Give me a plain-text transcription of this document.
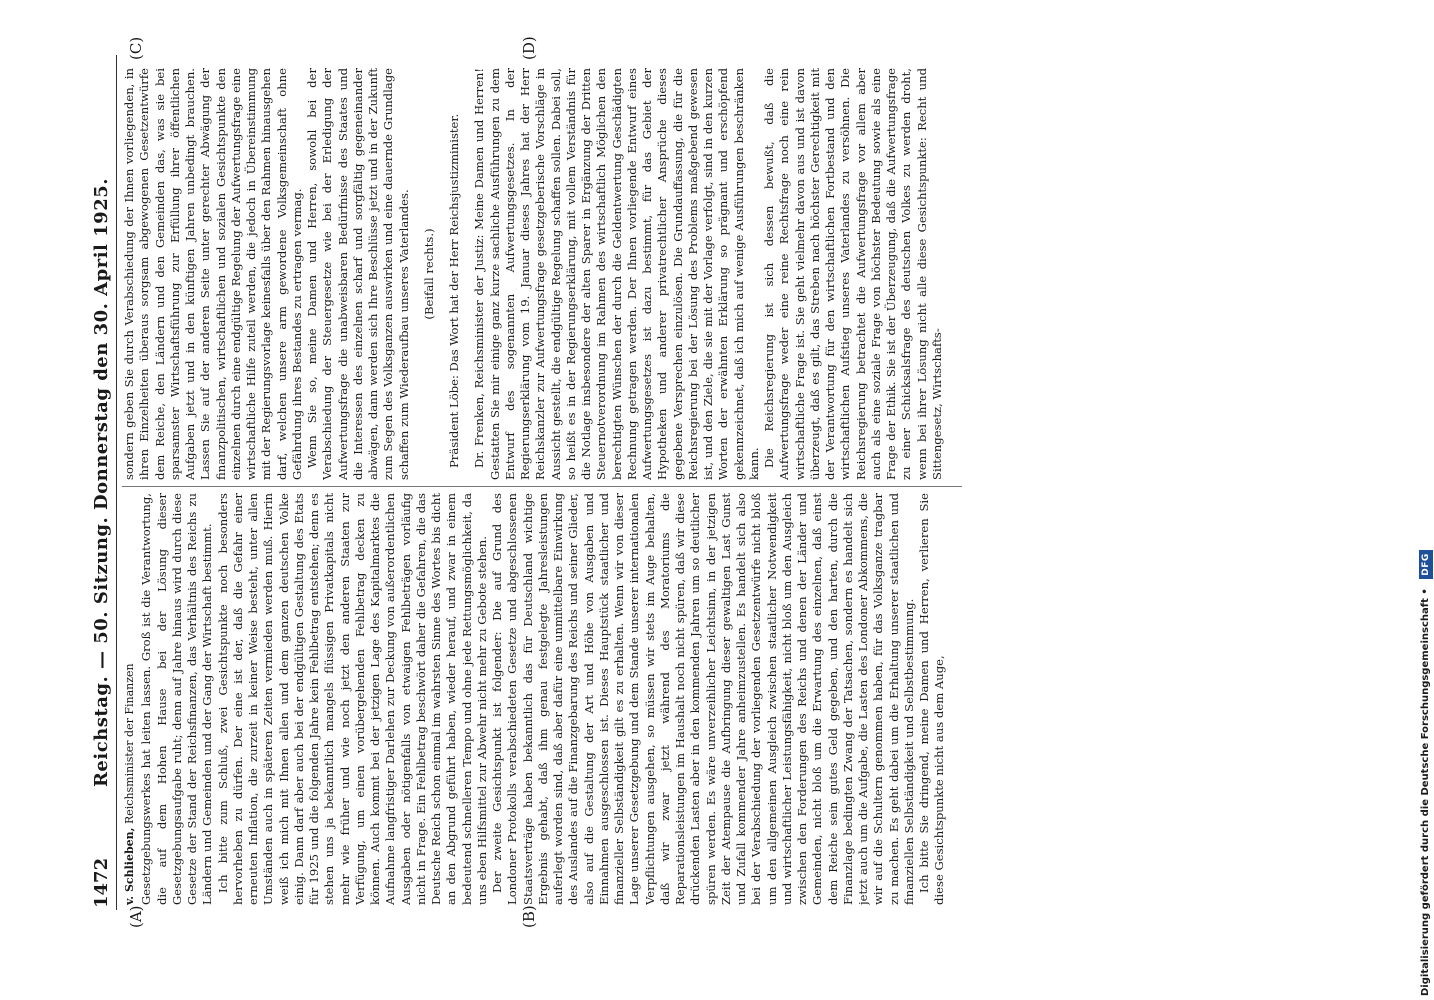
1472
Reichstag. — 50. Sitzung. Donnerstag den 30. April 1925.
(A)	(B)
(C)	(D)
v. Schlieben, Reichsminister der Finanzen Gesetzgebungswerkes hat leiten lassen. Groß ist die Verantwortung, die auf dem Hohen Hause bei der Lösung dieser Gesetzgebungsaufgabe ruht; denn auf Jahre hinaus wird durch diese Gesetze der Stand der Reichsfinanzen, das Verhältnis des Reichs zu Ländern und Gemeinden und der Gang der Wirtschaft bestimmt. Ich bitte zum Schluß, zwei Gesichtspunkte noch besonders hervorheben zu dürfen. Der eine ist der, daß die Gefahr einer erneuten Inflation, die zurzeit in keiner Weise besteht, unter allen Umständen auch in späteren Zeiten vermieden werden muß. Hierin weiß ich mich mit Ihnen allen und dem ganzen deutschen Volke einig. Dann darf aber auch bei der endgültigen Gestaltung des Etats für 1925 und die folgenden Jahre kein Fehlbetrag entstehen; denn es stehen uns ja bekanntlich mangels flüssigen Privatkapitals nicht mehr wie früher und wie noch jetzt den anderen Staaten zur Verfügung, um einen vorübergehenden Fehlbetrag decken zu können. Auch kommt bei der jetzigen Lage des Kapitalmarktes die Aufnahme langfristiger Darlehen zur Deckung von außerordentlichen Ausgaben oder nötigenfalls von etwaigen Fehlbeträgen vorläufig nicht in Frage. Ein Fehlbetrag beschwört daher die Gefahren, die das Deutsche Reich schon einmal im wahrsten Sinne des Wortes bis dicht an den Abgrund geführt haben, wieder herauf, und zwar in einem bedeutend schnelleren Tempo und ohne jede Rettungsmöglichkeit, da uns eben Hilfsmittel zur Abwehr nicht mehr zu Gebote stehen. Der zweite Gesichtspunkt ist folgender: Die auf Grund des Londoner Protokolls verabschiedeten Gesetze und abgeschlossenen Staatsverträge haben bekanntlich das für Deutschland wichtige Ergebnis gehabt, daß ihm genau festgelegte Jahresleistungen auferlegt worden sind, daß aber dafür eine unmittelbare Einwirkung des Auslandes auf die Finanzgebarung des Reichs und seiner Glieder, also auf die Gestaltung der Art und Höhe von Ausgaben und Einnahmen ausgeschlossen ist. Dieses Hauptstück staatlicher und finanzieller Selbständigkeit gilt es zu erhalten. Wenn wir von dieser Lage unserer Gesetzgebung und dem Stande unserer internationalen Verpflichtungen ausgehen, so müssen wir stets im Auge behalten, daß wir zwar jetzt während des Moratoriums die Reparationsleistungen im Haushalt noch nicht spüren, daß wir diese drückenden Lasten aber in den kommenden Jahren um so deutlicher spüren werden. Es wäre unverzeihlicher Leichtsinn, in der jetzigen Zeit der Atempause die Aufbringung dieser gewaltigen Last Gunst und Zufall kommender Jahre anheimzustellen. Es handelt sich also bei der Verabschiedung der vorliegenden Gesetzentwürfe nicht bloß um den allgemeinen Ausgleich zwischen staatlicher Notwendigkeit und wirtschaftlicher Leistungsfähigkeit, nicht bloß um den Ausgleich zwischen den Forderungen des Reichs und denen der Länder und Gemeinden, nicht bloß um die Erwartung des einzelnen, daß einst dem Reiche sein gutes Geld gegeben, und den harten, durch die Finanzlage bedingten Zwang der Tatsachen, sondern es handelt sich jetzt auch um die Aufgabe, die Lasten des Londoner Abkommens, die wir auf die Schultern genommen haben, für das Volksganze tragbar zu machen. Es geht dabei um die Erhaltung unserer staatlichen und finanziellen Selbständigkeit und Selbstbestimmung. Ich bitte Sie dringend, meine Damen und Herren, verlieren Sie diese Gesichtspunkte nicht aus dem Auge,

sondern geben Sie durch Verabschiedung der Ihnen vorliegenden, in ihren Einzelheiten überaus sorgsam abgewogenen Gesetzentwürfe dem Reiche, den Ländern und den Gemeinden das, was sie bei sparsamster Wirtschaftsführung zur Erfüllung ihrer öffentlichen Aufgaben jetzt und in den künftigen Jahren unbedingt brauchen. Lassen Sie auf der anderen Seite unter gerechter Abwägung der finanzpolitischen, wirtschaftlichen und sozialen Gesichtspunkte den einzelnen durch eine endgültige Regelung der Aufwertungsfrage eine wirtschaftliche Hilfe zuteil werden, die jedoch in Übereinstimmung mit der Regierungsvorlage keinesfalls über den Rahmen hinausgehen darf, welchen unsere arm gewordene Volksgemeinschaft ohne Gefährdung ihres Bestandes zu ertragen vermag. Wenn Sie so, meine Damen und Herren, sowohl bei der Verabschiedung der Steuergesetze wie bei der Erledigung der Aufwertungsfrage die unabweisbaren Bedürfnisse des Staates und die Interessen des einzelnen scharf und sorgfältig gegeneinander abwägen, dann werden sich Ihre Beschlüsse jetzt und in der Zukunft zum Segen des Volksganzen auswirken und eine dauernde Grundlage schaffen zum Wiederaufbau unseres Vaterlandes. (Beifall rechts.) Präsident Löbe: Das Wort hat der Herr Reichsjustizminister. Dr. Frenken, Reichsminister der Justiz: Meine Damen und Herren! Gestatten Sie mir einige ganz kurze sachliche Ausführungen zu dem Entwurf des sogenannten Aufwertungsgesetzes. In der Regierungserklärung vom 19. Januar dieses Jahres hat der Herr Reichskanzler zur Aufwertungsfrage gesetzgeberische Vorschläge in Aussicht gestellt, die endgültige Regelung schaffen sollen. Dabei soll, so heißt es in der Regierungserklärung, mit vollem Verständnis für die Notlage insbesondere der alten Sparer in Ergänzung der Dritten Steuernotverordnung im Rahmen des wirtschaftlich Möglichen den berechtigten Wünschen der durch die Geldentwertung Geschädigten Rechnung getragen werden. Der Ihnen vorliegende Entwurf eines Aufwertungsgesetzes ist dazu bestimmt, für das Gebiet der Hypotheken und anderer privatrechtlicher Ansprüche dieses gegebene Versprechen einzulösen. Die Grundauffassung, die für die Reichsregierung bei der Lösung des Problems maßgebend gewesen ist, und den Ziele, die sie mit der Vorlage verfolgt, sind in den kurzen Worten der erwähnten Erklärung so prägnant und erschöpfend gekennzeichnet, daß ich mich auf wenige Ausführungen beschränken kann. Die Reichsregierung ist sich dessen bewußt, daß die Aufwertungsfrage weder eine reine Rechtsfrage noch eine rein wirtschaftliche Frage ist. Sie geht vielmehr davon aus und ist davon überzeugt, daß es gilt, das Streben nach höchster Gerechtigkeit mit der Verantwortung für den wirtschaftlichen Fortbestand und den wirtschaftlichen Aufstieg unseres Vaterlandes zu versöhnen. Die Reichsregierung betrachtet die Aufwertungsfrage vor allem aber auch als eine soziale Frage von höchster Bedeutung sowie als eine Frage der Ethik. Sie ist der Überzeugung, daß die Aufwertungsfrage zu einer Schicksalsfrage des deutschen Volkes zu werden droht, wenn bei ihrer Lösung nicht alle diese Gesichtspunkte: Recht und Sittengesetz, Wirtschafts-

Digitalisierung gefördert durch die Deutsche Forschungsgemeinschaft • DFG
